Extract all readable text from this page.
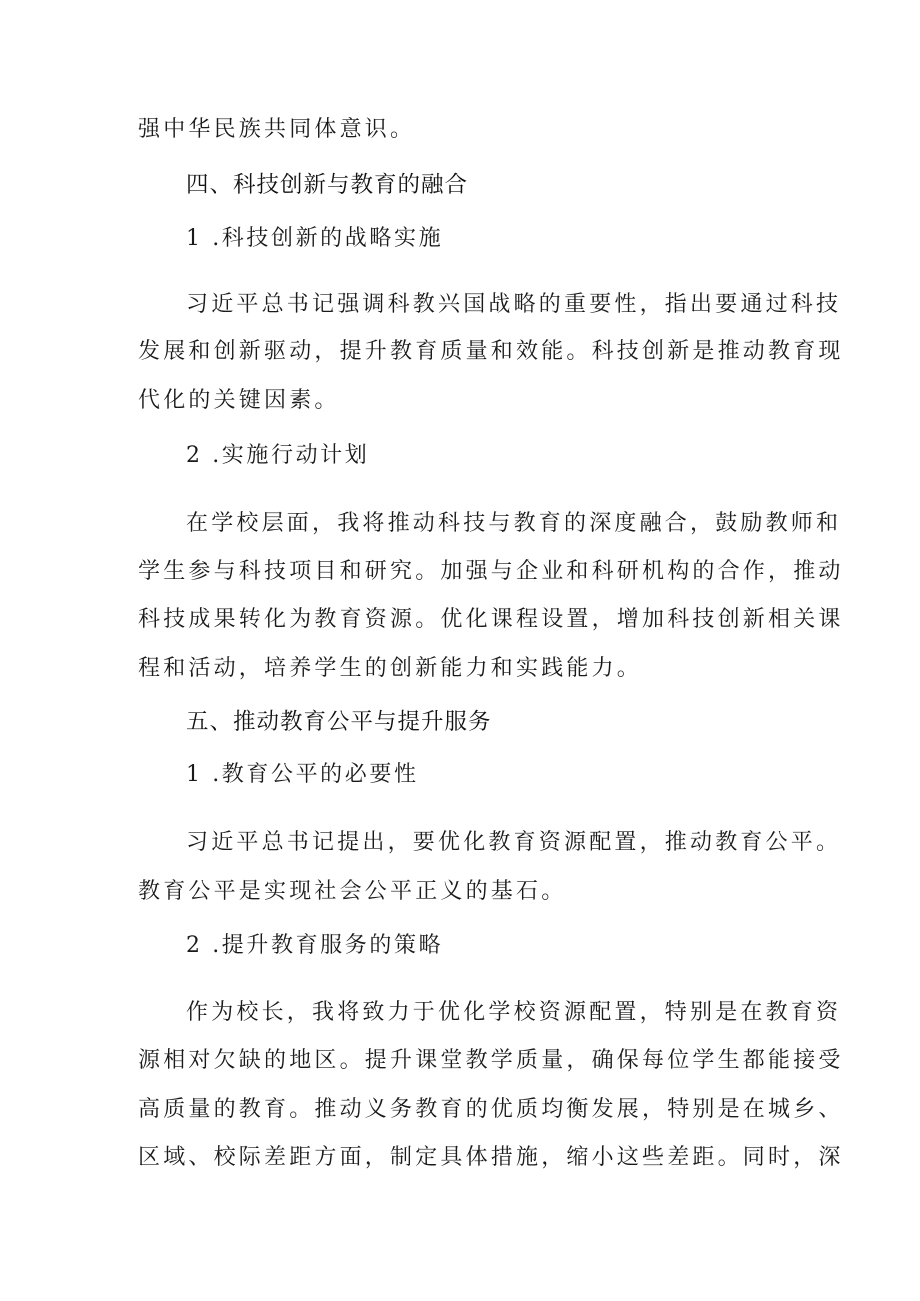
强中华民族共同体意识。
四、科技创新与教育的融合
1 .科技创新的战略实施
习近平总书记强调科教兴国战略的重要性，指出要通过科技
发展和创新驱动，提升教育质量和效能。科技创新是推动教育现
代化的关键因素。
2 .实施行动计划
在学校层面，我将推动科技与教育的深度融合，鼓励教师和
学生参与科技项目和研究。加强与企业和科研机构的合作，推动
科技成果转化为教育资源。优化课程设置，增加科技创新相关课
程和活动，培养学生的创新能力和实践能力。
五、推动教育公平与提升服务
1 .教育公平的必要性
习近平总书记提出，要优化教育资源配置，推动教育公平。
教育公平是实现社会公平正义的基石。
2 .提升教育服务的策略
作为校长，我将致力于优化学校资源配置，特别是在教育资
源相对欠缺的地区。提升课堂教学质量，确保每位学生都能接受
高质量的教育。推动义务教育的优质均衡发展，特别是在城乡、
区域、校际差距方面，制定具体措施，缩小这些差距。同时，深
